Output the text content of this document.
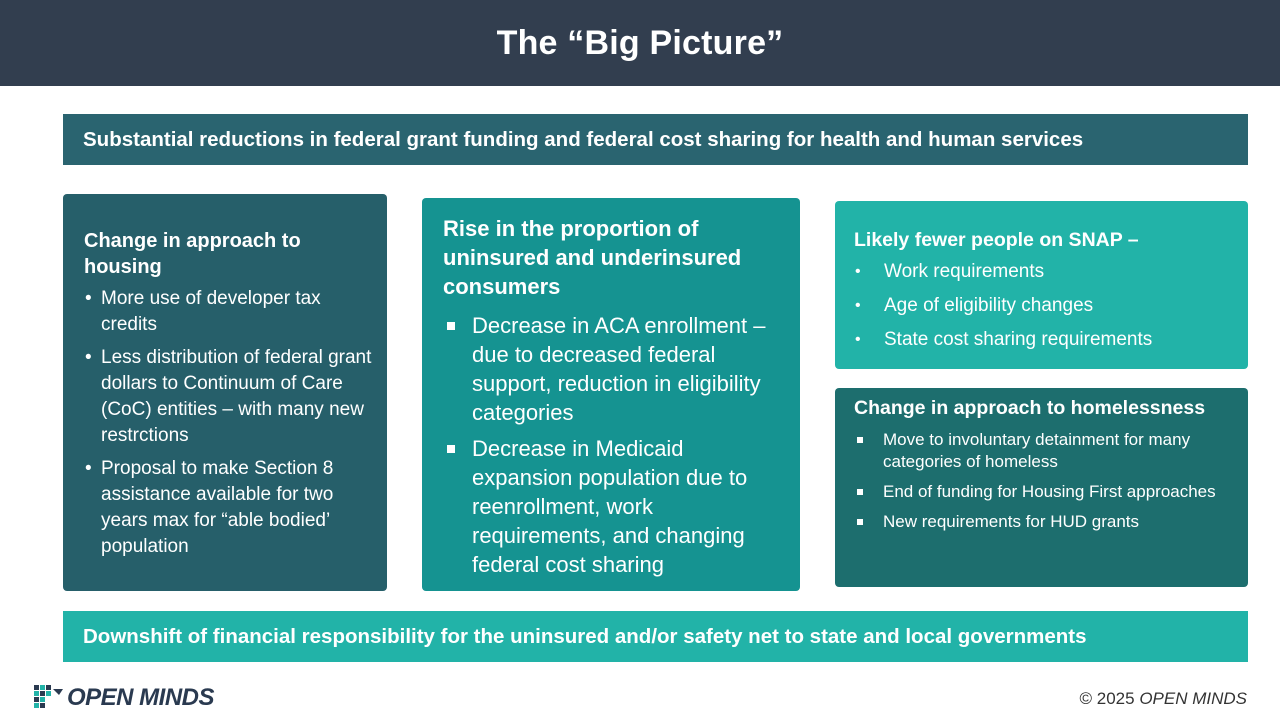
The “Big Picture”
Substantial reductions in federal grant funding and federal cost sharing for health and human services
Change in approach to housing
• More use of developer tax credits
• Less distribution of federal grant dollars to Continuum of Care (CoC) entities – with many new restrctions
• Proposal to make Section 8 assistance available for two years max for “able bodied’ population
Rise in the proportion of uninsured and underinsured consumers
Decrease in ACA enrollment – due to decreased federal support, reduction in eligibility categories
Decrease in Medicaid expansion population due to reenrollment, work requirements, and changing federal cost sharing
Likely fewer people on SNAP –
• Work requirements
• Age of eligibility changes
• State cost sharing requirements
Change in approach to homelessness
Move to involuntary detainment for many categories of homeless
End of funding for Housing First approaches
New requirements for HUD grants
Downshift of financial responsibility for the uninsured and/or safety net to state and local governments
OPEN MINDS	© 2025 OPEN MINDS
